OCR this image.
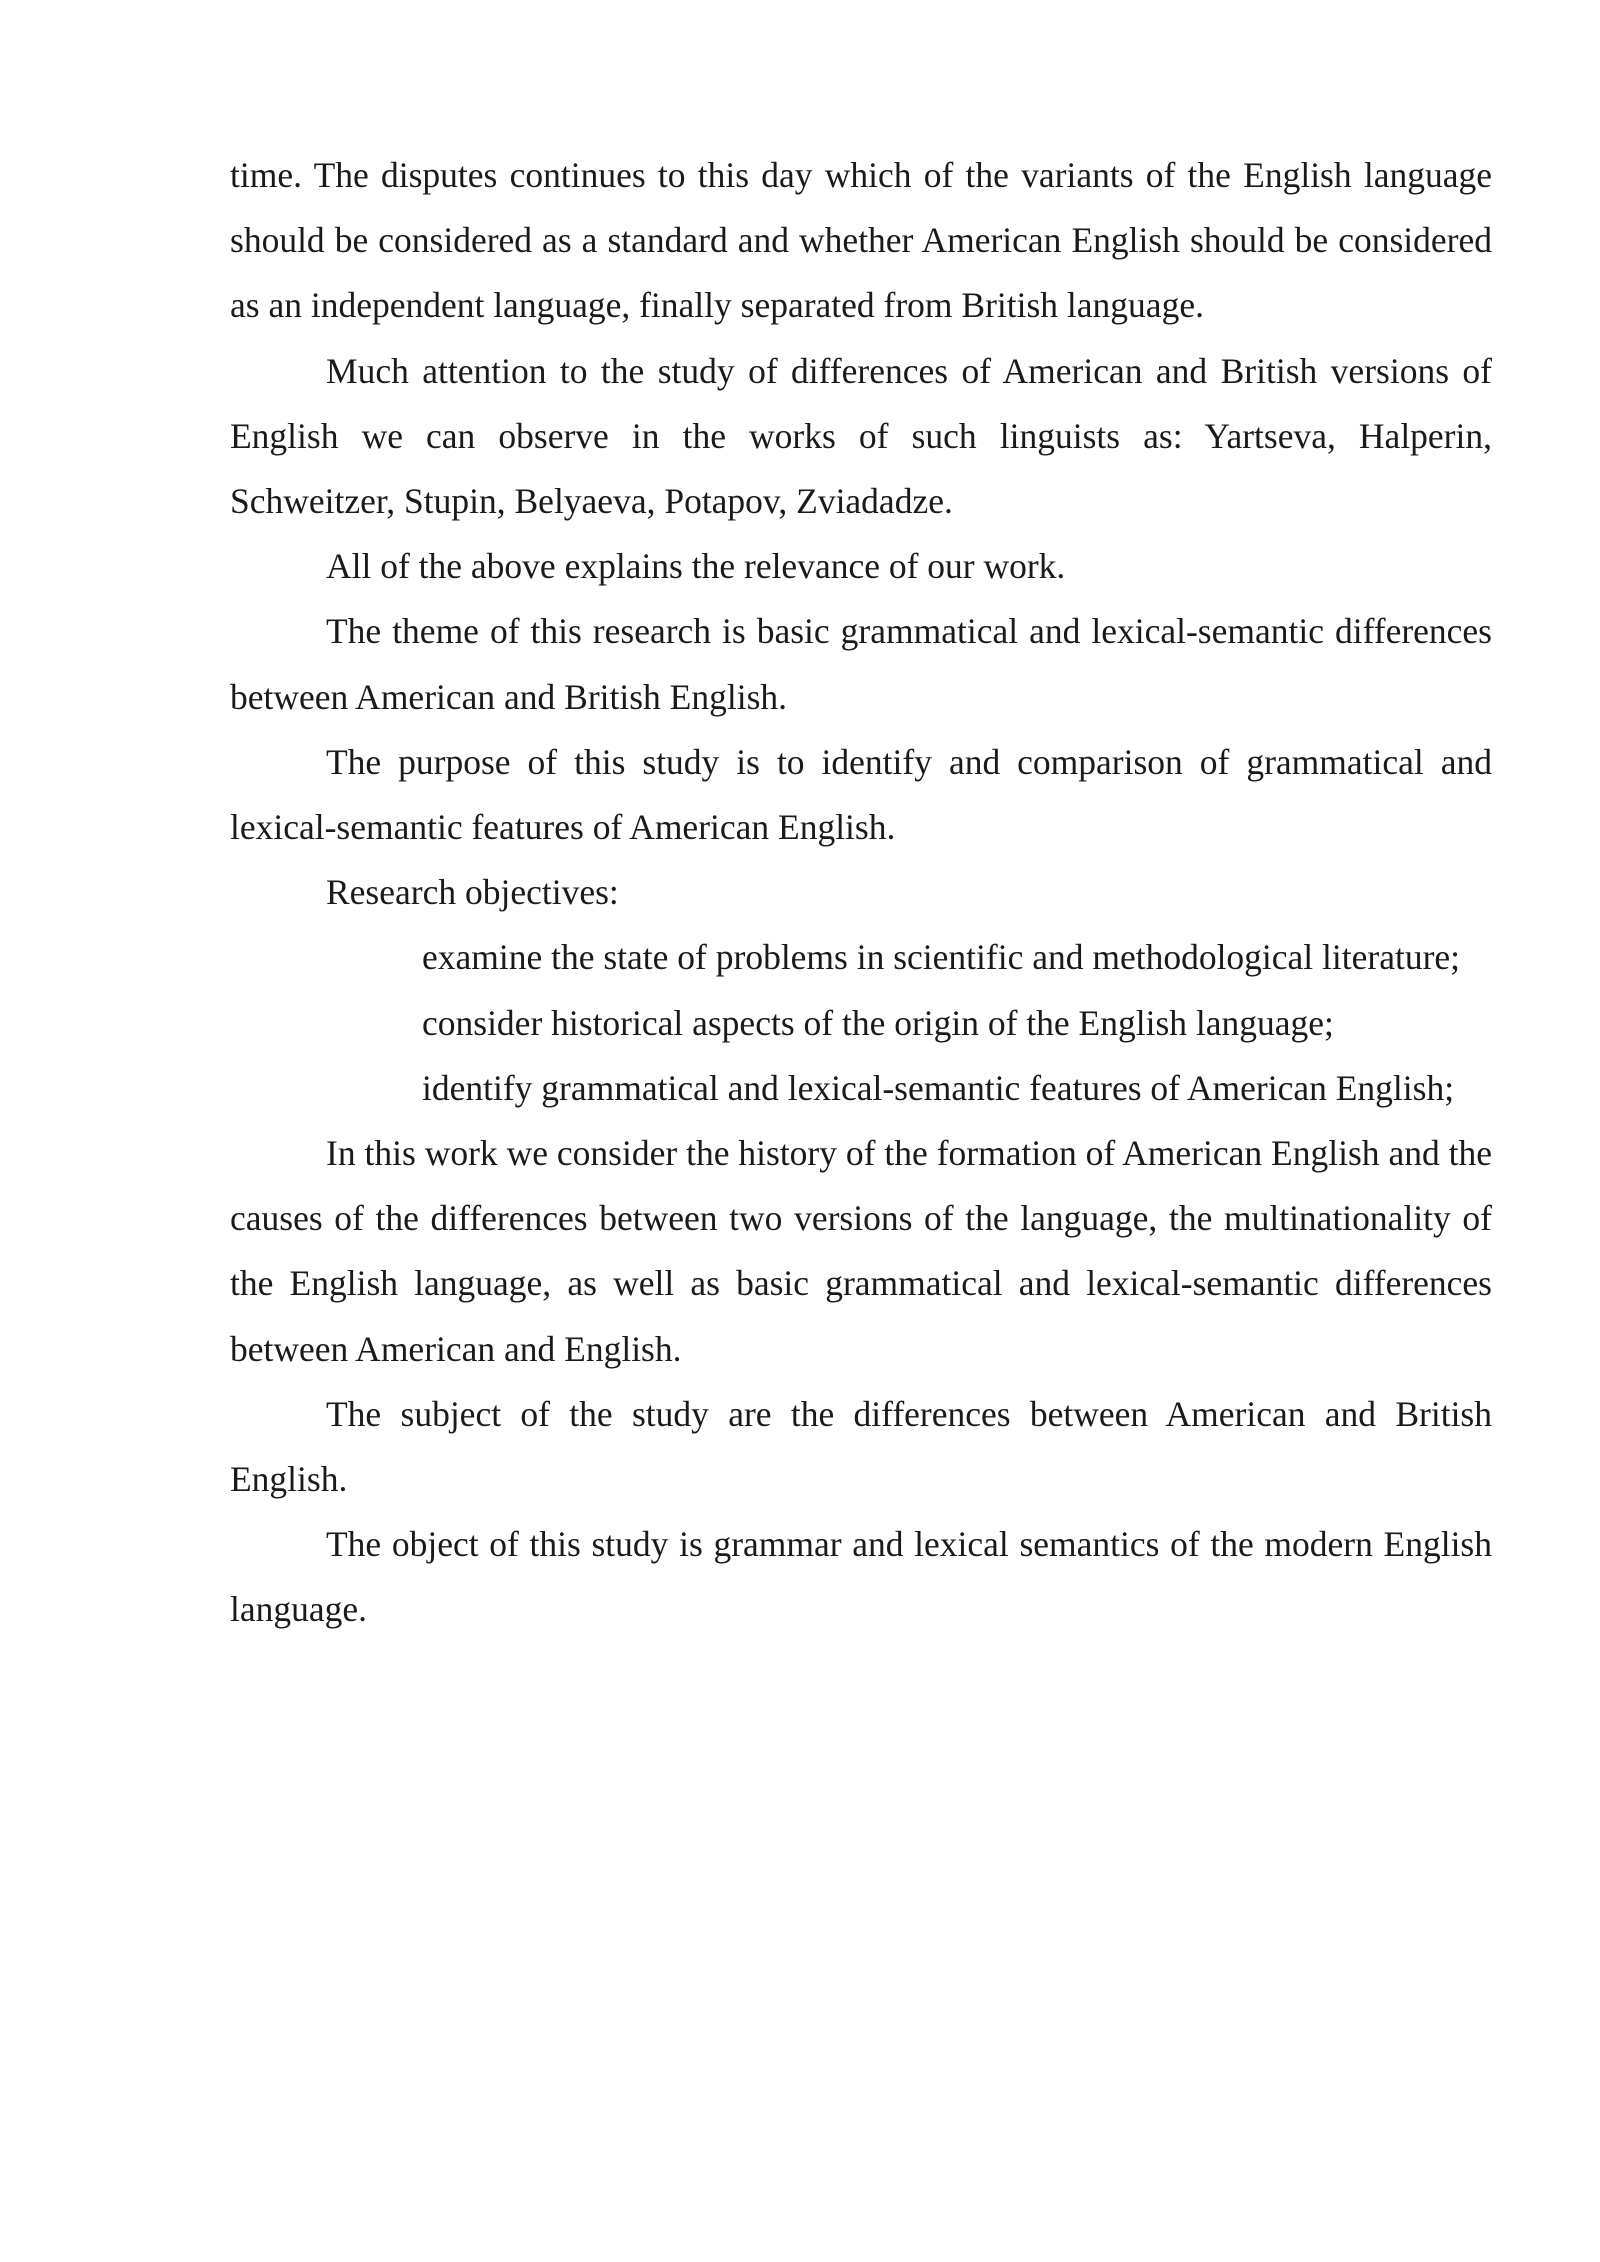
time. The disputes continues to this day which of the variants of the English language should be considered as a standard and whether American English should be considered as an independent language, finally separated from British language.

Much attention to the study of differences of American and British versions of English we can observe in the works of such linguists as: Yartseva, Halperin, Schweitzer, Stupin, Belyaeva, Potapov, Zviadadze.

All of the above explains the relevance of our work.

The theme of this research is basic grammatical and lexical-semantic differences between American and British English.

The purpose of this study is to identify and comparison of grammatical and lexical-semantic features of American English.

Research objectives:

examine the state of problems in scientific and methodological literature;

consider historical aspects of the origin of the English language;

identify grammatical and lexical-semantic features of American English;

In this work we consider the history of the formation of American English and the causes of the differences between two versions of the language, the multinationality of the English language, as well as basic grammatical and lexical-semantic differences between American and English.

The subject of the study are the differences between American and British English.

The object of this study is grammar and lexical semantics of the modern English language.
